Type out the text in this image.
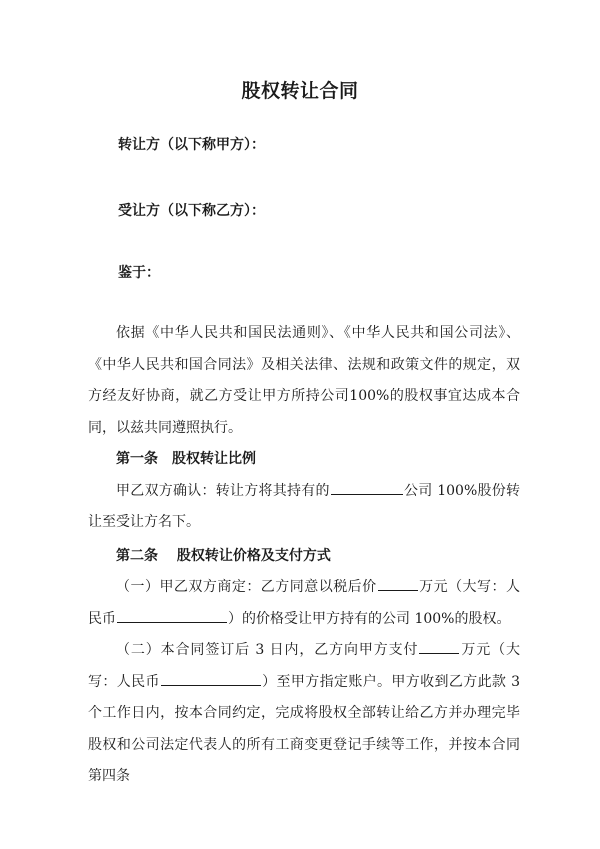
股权转让合同
转让方（以下称甲方）：
受让方（以下称乙方）：
鉴于：

依据《中华人民共和国民法通则》、《中华人民共和国公司法》、《中华人民共和国合同法》及相关法律、法规和政策文件的规定，双方经友好协商，就乙方受让甲方所持公司100%的股权事宜达成本合同，以兹共同遵照执行。

第一条　股权转让比例

甲乙双方确认：转让方将其持有的	公司 100%股份转让至受让方名下。

第二条　 股权转让价格及支付方式

（一）甲乙双方商定：乙方同意以税后价	万元（大写：人民币	）的价格受让甲方持有的公司 100%的股权。

（二）本合同签订后 3 日内，乙方向甲方支付	万元（大写：人民币	）至甲方指定账户。甲方收到乙方此款 3 个工作日内，按本合同约定，完成将股权全部转让给乙方并办理完毕股权和公司法定代表人的所有工商变更登记手续等工作，并按本合同第四条
